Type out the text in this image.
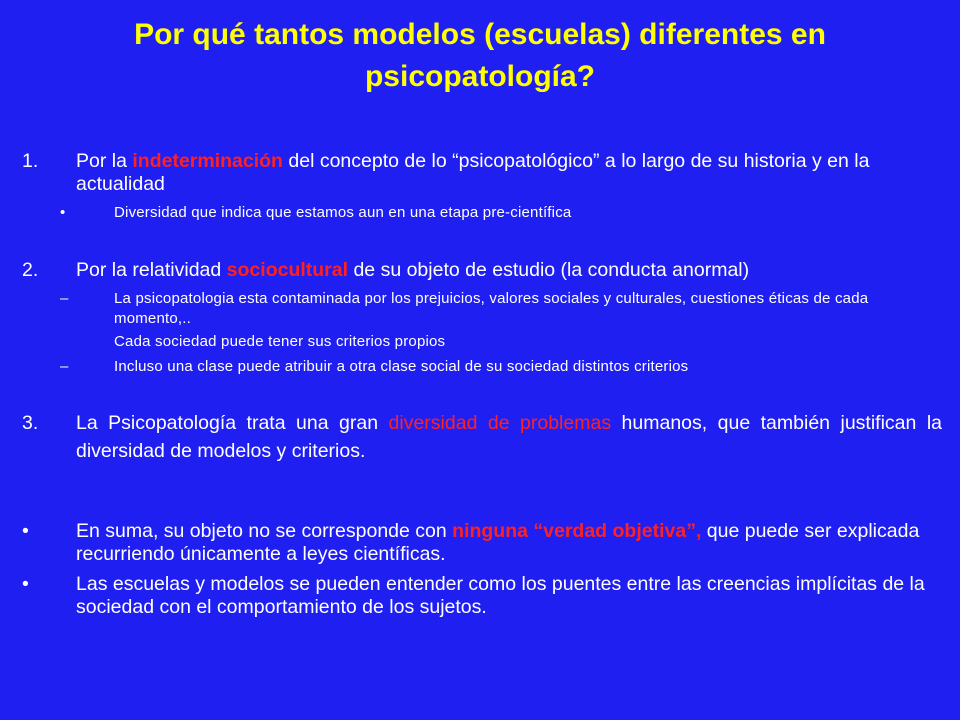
Por qué tantos modelos (escuelas) diferentes en psicopatología?
1. Por la indeterminación del concepto de lo “psicopatológico” a lo largo de su historia y en la actualidad
•	Diversidad que indica que estamos aun en una etapa pre-científica
2. Por la relatividad sociocultural de su objeto de estudio (la conducta anormal)
–	La psicopatologia esta contaminada por los prejuicios, valores sociales y culturales, cuestiones éticas de cada momento,..
Cada sociedad puede tener sus criterios propios
–	Incluso una clase puede atribuir a otra clase social de su sociedad distintos criterios
3. La Psicopatología trata una gran diversidad de problemas humanos, que también justifican la diversidad de modelos y criterios.
• En suma, su objeto no se corresponde con ninguna “verdad objetiva”, que puede ser explicada recurriendo únicamente a leyes científicas.
• Las escuelas y modelos se pueden entender como los puentes entre las creencias implícitas de la sociedad con el comportamiento de los sujetos.
